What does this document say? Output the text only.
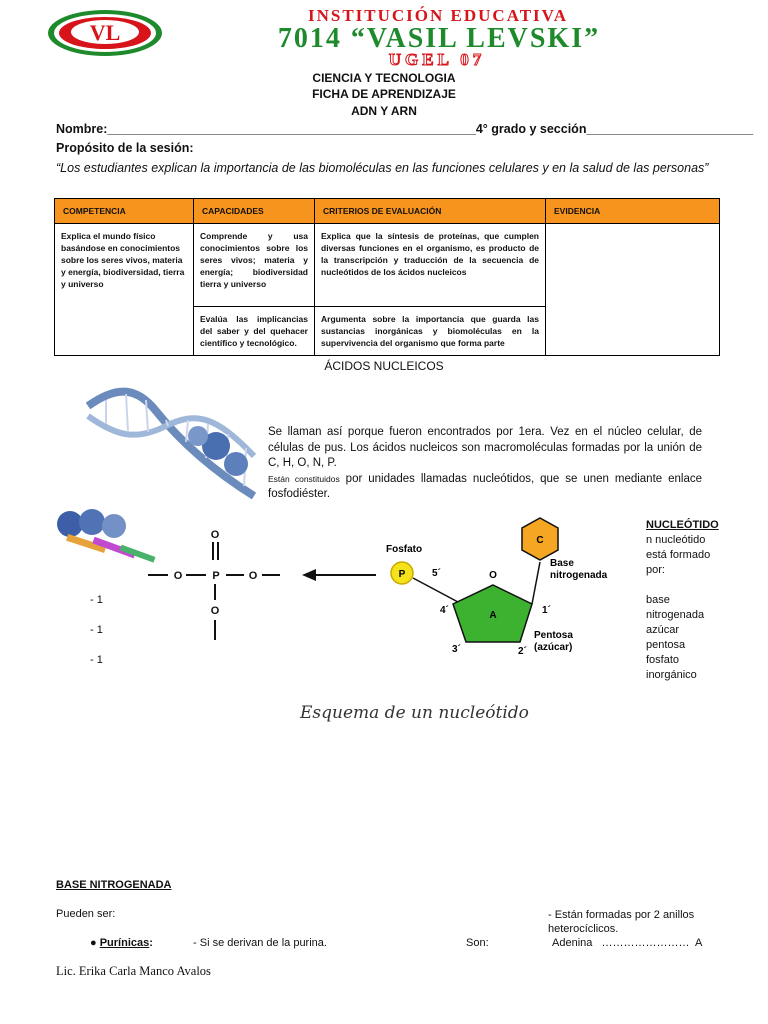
VL
INSTITUCIÓN EDUCATIVA
7014 “VASIL LEVSKI”
UGEL 07
CIENCIA Y TECNOLOGIA
FICHA DE APRENDIZAJE
ADN Y ARN
Nombre:_____________________________________________________4° grado y sección________________________
Propósito de la sesión:
“Los estudiantes explican la importancia de las biomoléculas en las funciones celulares y en la salud de las personas”
COMPETENCIA	CAPACIDADES	CRITERIOS DE EVALUACIÓN	EVIDENCIA
Explica el mundo físico basándose en conocimientos sobre los seres vivos, materia y energía, biodiversidad, tierra y universo	Comprende y usa conocimientos sobre los seres vivos; materia y energía; biodiversidad tierra y universo	Explica que la síntesis de proteínas, que cumplen diversas funciones en el organismo, es producto de la transcripción y traducción de la secuencia de nucleótidos de los ácidos nucleicos	
	Evalúa las implicancias del saber y del quehacer científico y tecnológico.	Argumenta sobre la importancia que guarda las sustancias inorgánicas y biomoléculas en la supervivencia del organismo que forma parte	
ÁCIDOS NUCLEICOS
Se llaman así porque fueron encontrados por 1era. Vez en el núcleo celular, de células de pus. Los ácidos nucleicos son macromoléculas formadas por la unión de C, H, O, N, P.
Están constituidos por unidades llamadas nucleótidos, que se unen mediante enlace fosfodiéster.
O
O	P	O
O
Fosfato
P	5´
A
O
4´
3´	2´
1´
C
Base
nitrogenada
Pentosa
(azúcar)
- 1
- 1
- 1
NUCLEÓTIDO
n nucleótido
está formado
por:
base
nitrogenada
azúcar
pentosa
fosfato
inorgánico
Esquema de un nucleótido
BASE NITROGENADA
Pueden ser:	- Están formadas por 2 anillos heterocíclicos.
● Purínicas:	- Si se derivan de la purina.	Son:	Adenina   ……………………  A
Lic. Erika Carla Manco Avalos
